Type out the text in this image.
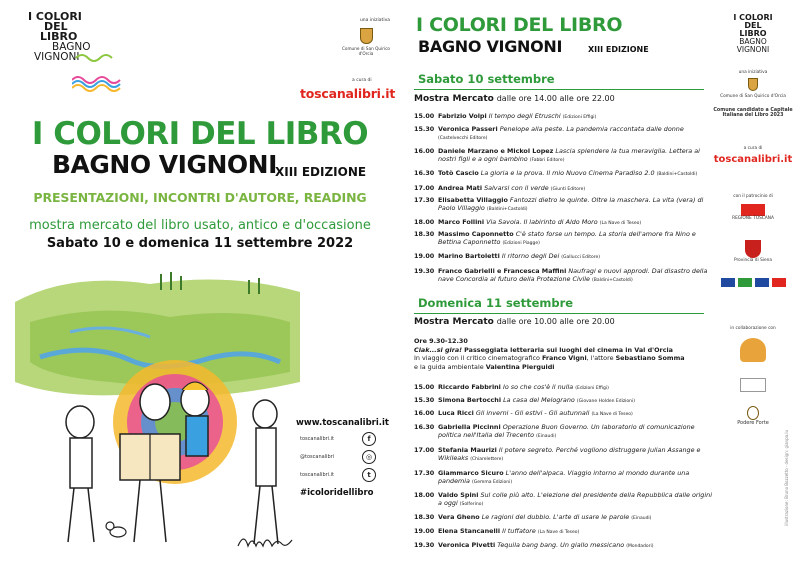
I COLORI
DEL
LIBRO
BAGNO
VIGNONI
una iniziativa
Comune di San Quirico d'Orcia
a cura di
toscanalibri.it
I COLORI DEL LIBRO
BAGNO VIGNONI
XIII EDIZIONE
PRESENTAZIONI, INCONTRI D'AUTORE, READING
mostra mercato del libro usato, antico e d'occasione
Sabato 10 e domenica 11 settembre 2022
www.toscanalibri.it
toscanalibri.it	f
@toscanalibri	◎
toscanalibri.it	t
#icoloridellibro
I COLORI DEL LIBRO
BAGNO VIGNONI	XIII EDIZIONE
Sabato 10 settembre
Mostra Mercato dalle ore 14.00 alle ore 22.00
15.00 Fabrizio Volpi Il tempo degli Etruschi (Edizioni Effigi)
15.30 Veronica Passeri Penelope alla peste. La pandemia raccontata dalle donne (Castelvecchi Editore)
16.00 Daniele Marzano e Mickol Lopez Lascia splendere la tua meraviglia. Lettera ai nostri figli e a ogni bambino (Fabbri Editore)
16.30 Totò Cascio La gloria e la prova. Il mio Nuovo Cinema Paradiso 2.0 (Baldini+Castoldi)
17.00 Andrea Mati Salvarsi con il verde (Giunti Editore)
17.30 Elisabetta Villaggio Fantozzi dietro le quinte. Oltre la maschera. La vita (vera) di Paolo Villaggio (Baldini+Castoldi)
18.00 Marco Follini Via Savoia. Il labirinto di Aldo Moro (La Nave di Teseo)
18.30 Massimo Caponnetto C'è stato forse un tempo. La storia dell'amore fra Nino e Bettina Caponnetto (Edizioni Piagge)
19.00 Marino Bartoletti Il ritorno degli Dei (Gallucci Editore)
19.30 Franco Gabrielli e Francesca Maffini Naufragi e nuovi approdi. Dal disastro della nave Concordia al futuro della Protezione Civile (Baldini+Castoldi)
Domenica 11 settembre
Mostra Mercato dalle ore 10.00 alle ore 20.00
Ore 9.30-12.30
Ciak...si gira! Passeggiata letteraria sui luoghi del cinema in Val d'Orcia
In viaggio con il critico cinematografico Franco Vigni, l'attore Sebastiano Somma
e la guida ambientale Valentina Pierguidi
15.00 Riccardo Fabbrini Io so che cos'è il nulla (Edizioni Effigi)
15.30 Simona Bertocchi La casa del Melograno (Giovane Holden Edizioni)
16.00 Luca Ricci Gli inverni - Gli estivi - Gli autunnali (La Nave di Teseo)
16.30 Gabriella Piccinni Operazione Buon Governo. Un laboratorio di comunicazione politica nell'Italia del Trecento (Einaudi)
17.00 Stefania Maurizi Il potere segreto. Perché vogliono distruggere Julian Assange e Wikileaks (Chiarelettere)
17.30 Giammarco Sicuro L'anno dell'alpaca. Viaggio intorno al mondo durante una pandemia (Gemma Edizioni)
18.00 Valdo Spini Sul colle più alto. L'elezione del presidente della Repubblica dalle origini a oggi (Solferino)
18.30 Vera Gheno Le ragioni del dubbio. L'arte di usare le parole (Einaudi)
19.00 Elena Stancanelli Il tuffatore (La Nave di Teseo)
19.30 Veronica Pivetti Tequila bang bang. Un giallo messicano (Mondadori)
I COLORI
DEL
LIBRO
BAGNO
VIGNONI
una iniziativa
Comune di San Quirico d'Orcia
Comune candidato a Capitale Italiana del Libro 2023
a cura di
toscanalibri.it
con il patrocinio di
REGIONE TOSCANA
Provincia di Siena
in collaborazione con
Podere Forte
illustrazione: Bruno Bozzetto · design: gianpa.lu
